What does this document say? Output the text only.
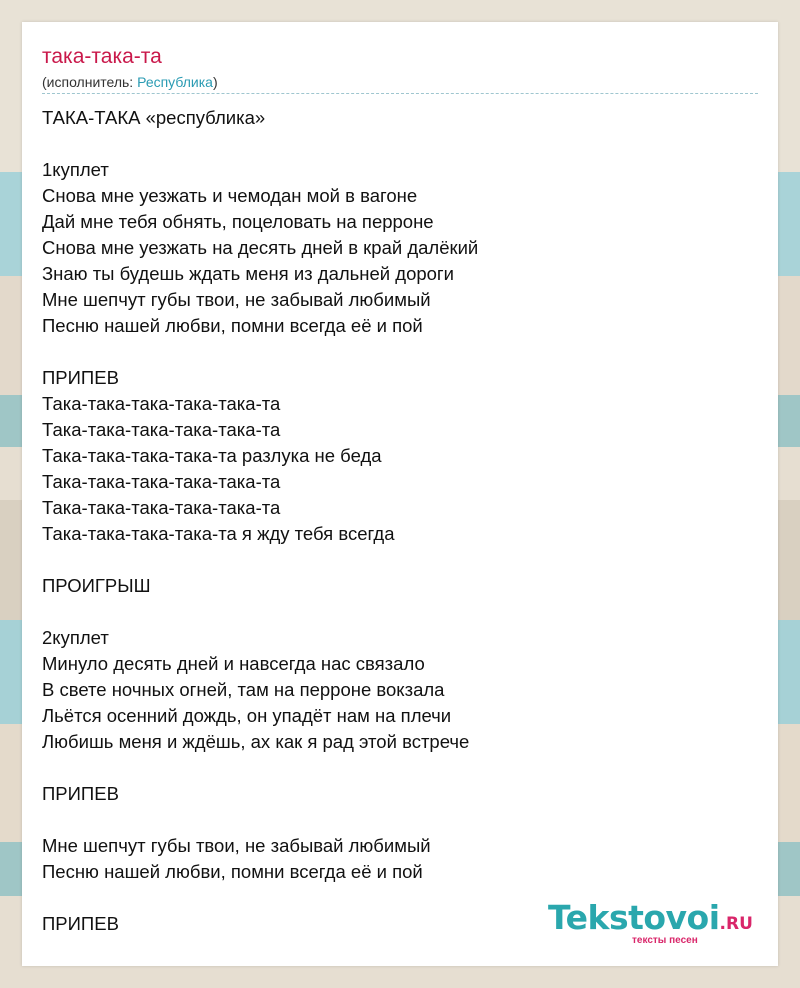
така-така-та
(исполнитель: Республика)
ТАКА-ТАКА «республика»
1куплет
Снова мне уезжать и чемодан мой в вагоне
Дай мне тебя обнять, поцеловать на перроне
Снова мне уезжать на десять дней в край далёкий
Знаю ты будешь ждать меня из дальней дороги
Мне шепчут губы твои, не забывай любимый
Песню нашей любви, помни всегда её и пой
ПРИПЕВ
Така-така-така-така-така-та
Така-така-така-така-така-та
Така-така-така-така-та разлука не беда
Така-така-така-така-така-та
Така-така-така-така-така-та
Така-така-така-така-та я жду тебя всегда
ПРОИГРЫШ
2куплет
Минуло десять дней и навсегда нас связало
В свете ночных огней, там на перроне вокзала
Льётся осенний дождь, он упадёт нам на плечи
Любишь меня и ждёшь, ах как я рад этой встрече
ПРИПЕВ
Мне шепчут губы твои, не забывай любимый
Песню нашей любви, помни всегда её и пой
ПРИПЕВ	Tekstovoi.RU
тексты песен
